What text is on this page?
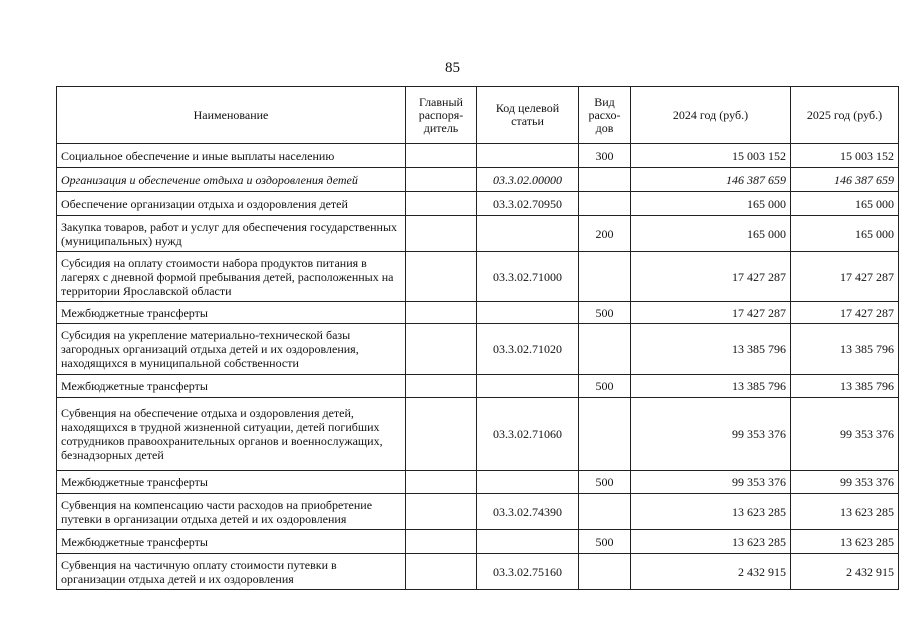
85
Наименование	Главный распоря-дитель	Код целевой статьи	Вид расхо-дов	2024 год (руб.)	2025 год (руб.)
Социальное обеспечение и иные выплаты населению			300	15 003 152	15 003 152
Организация и обеспечение отдыха и оздоровления детей		03.3.02.00000		146 387 659	146 387 659
Обеспечение организации отдыха и оздоровления детей		03.3.02.70950		165 000	165 000
Закупка товаров, работ и услуг для обеспечения государственных (муниципальных) нужд			200	165 000	165 000
Субсидия на оплату стоимости набора продуктов питания в лагерях с дневной формой пребывания детей, расположенных на территории Ярославской области		03.3.02.71000		17 427 287	17 427 287
Межбюджетные трансферты			500	17 427 287	17 427 287
Субсидия на укрепление материально-технической базы загородных организаций отдыха детей и их оздоровления, находящихся в муниципальной собственности		03.3.02.71020		13 385 796	13 385 796
Межбюджетные трансферты			500	13 385 796	13 385 796
Субвенция на обеспечение отдыха и оздоровления детей, находящихся в трудной жизненной ситуации, детей погибших сотрудников правоохранительных органов и военнослужащих, безнадзорных детей		03.3.02.71060		99 353 376	99 353 376
Межбюджетные трансферты			500	99 353 376	99 353 376
Субвенция на компенсацию части расходов на приобретение путевки в организации отдыха детей и их оздоровления		03.3.02.74390		13 623 285	13 623 285
Межбюджетные трансферты			500	13 623 285	13 623 285
Субвенция на частичную оплату стоимости путевки в организации отдыха детей и их оздоровления		03.3.02.75160		2 432 915	2 432 915
